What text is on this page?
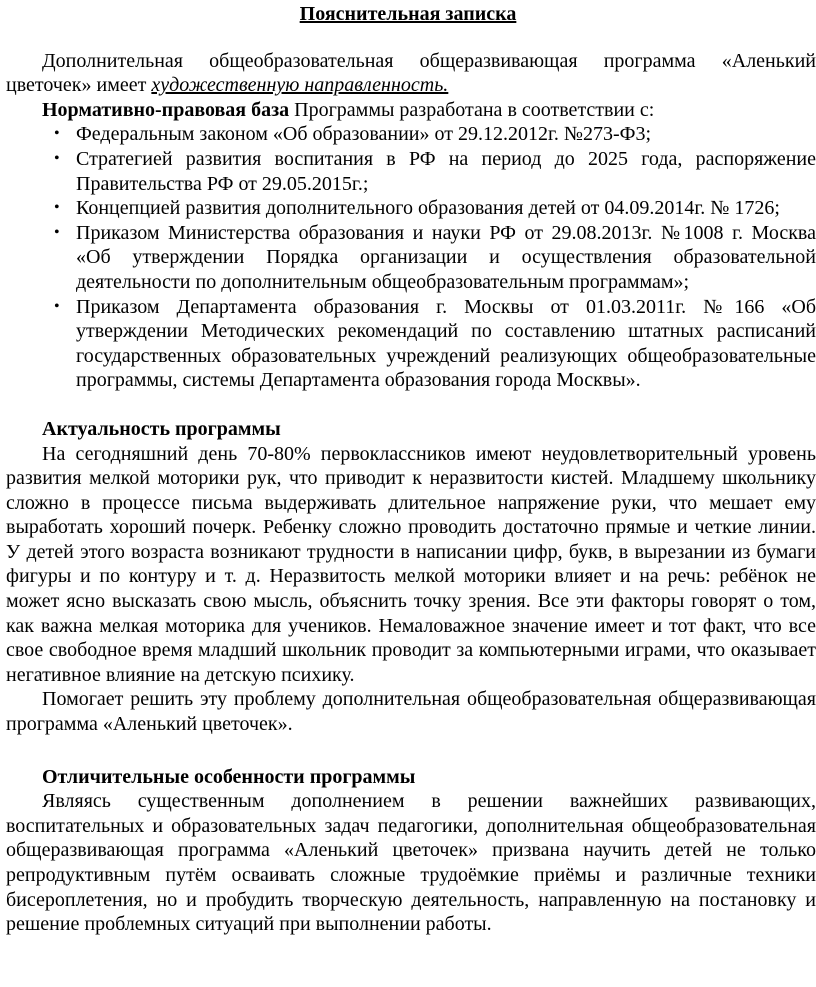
Пояснительная записка

Дополнительная общеобразовательная общеразвивающая программа «Аленький цветочек» имеет художественную направленность.

Нормативно-правовая база Программы разработана в соответствии с:

• Федеральным законом «Об образовании» от 29.12.2012г. №273-Ф3;
• Стратегией развития воспитания в РФ на период до 2025 года, распоряжение Правительства РФ от 29.05.2015г.;
• Концепцией развития дополнительного образования детей от 04.09.2014г. № 1726;
• Приказом Министерства образования и науки РФ от 29.08.2013г. №1008 г. Москва «Об утверждении Порядка организации и осуществления образовательной деятельности по дополнительным общеобразовательным программам»;
• Приказом Департамента образования г. Москвы от 01.03.2011г. №166 «Об утверждении Методических рекомендаций по составлению штатных расписаний государственных образовательных учреждений реализующих общеобразовательные программы, системы Департамента образования города Москвы».
Актуальность программы

На сегодняшний день 70-80% первоклассников имеют неудовлетворительный уровень развития мелкой моторики рук, что приводит к неразвитости кистей. Младшему школьнику сложно в процессе письма выдерживать длительное напряжение руки, что мешает ему выработать хороший почерк. Ребенку сложно проводить достаточно прямые и четкие линии. У детей этого возраста возникают трудности в написании цифр, букв, в вырезании из бумаги фигуры и по контуру и т. д. Неразвитость мелкой моторики влияет и на речь: ребёнок не может ясно высказать свою мысль, объяснить точку зрения. Все эти факторы говорят о том, как важна мелкая моторика для учеников. Немаловажное значение имеет и тот факт, что все свое свободное время младший школьник проводит за компьютерными играми, что оказывает негативное влияние на детскую психику.

Помогает решить эту проблему дополнительная общеобразовательная общеразвивающая программа «Аленький цветочек».

Отличительные особенности программы

Являясь существенным дополнением в решении важнейших развивающих, воспитательных и образовательных задач педагогики, дополнительная общеобразовательная общеразвивающая программа «Аленький цветочек» призвана научить детей не только репродуктивным путём осваивать сложные трудоёмкие приёмы и различные техники бисероплетения, но и пробудить творческую деятельность, направленную на постановку и решение проблемных ситуаций при выполнении работы.
